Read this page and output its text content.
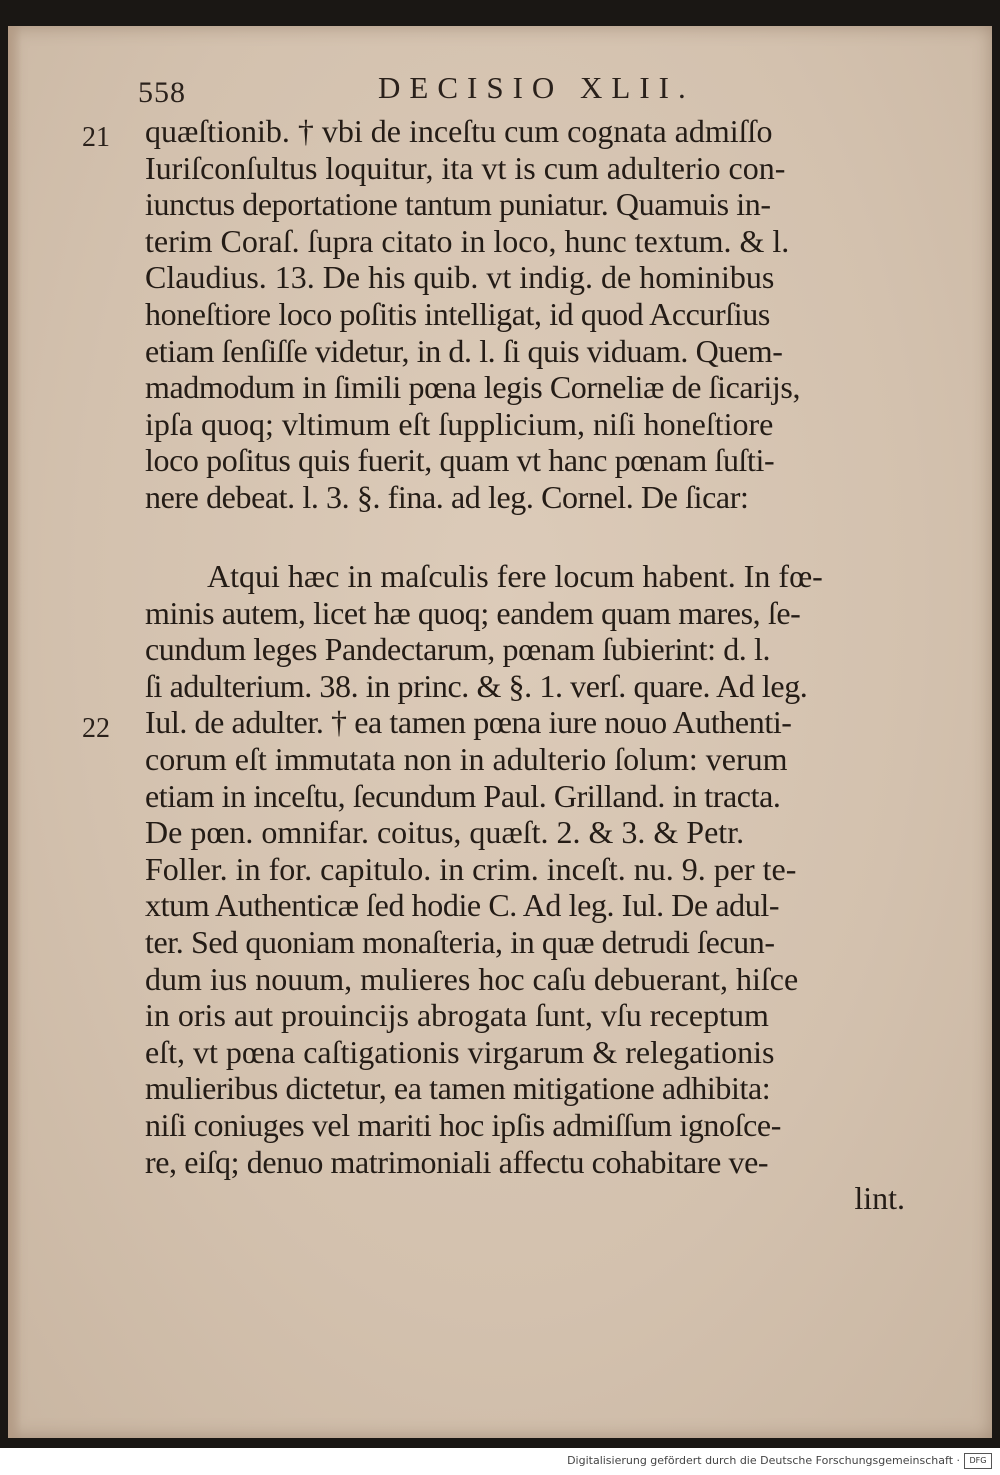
558	DECISIO XLII.
21
22
quæſtionib. † vbi de inceſtu cum cognata admiſſo
Iuriſconſultus loquitur, ita vt is cum adulterio con-
iunctus deportatione tantum puniatur. Quamuis in-
terim Coraſ. ſupra citato in loco, hunc textum. & l.
Claudius. 13. De his quib. vt indig. de hominibus
honeſtiore loco poſitis intelligat, id quod Accurſius
etiam ſenſiſſe videtur, in d. l. ſi quis viduam. Quem-
madmodum in ſimili pœna legis Corneliæ de ſicariјs,
ipſa quoq; vltimum eſt ſupplicium, niſi honeſtiore
loco poſitus quis fuerit, quam vt hanc pœnam ſuſti-
nere debeat. l. 3. §. fina. ad leg. Cornel. De ſicar:
Atqui hæc in maſculis fere locum habent. In fœ-
minis autem, licet hæ quoq; eandem quam mares, ſe-
cundum leges Pandectarum, pœnam ſubierint: d. l.
ſi adulterium. 38. in princ. & §. 1. verſ. quare. Ad leg.
Iul. de adulter. † ea tamen pœna iure nouo Authenti-
corum eſt immutata non in adulterio ſolum: verum
etiam in inceſtu, ſecundum Paul. Grilland. in tracta.
De pœn. omnifar. coitus, quæſt. 2. & 3. & Petr.
Foller. in for. capitulo. in crim. inceſt. nu. 9. per te-
xtum Authenticæ ſed hodie C. Ad leg. Iul. De adul-
ter. Sed quoniam monaſteria, in quæ detrudi ſecun-
dum ius nouum, mulieres hoc caſu debuerant, hiſce
in oris aut prouinciјs abrogata ſunt, vſu receptum
eſt, vt pœna caſtigationis virgarum & relegationis
mulieribus dictetur, ea tamen mitigatione adhibita:
niſi coniuges vel mariti hoc ipſis admiſſum ignoſce-
re, eiſq; denuo matrimoniali affectu cohabitare ve-
lint.
Digitalisierung gefördert durch die Deutsche Forschungsgemeinschaft ·	DFG
